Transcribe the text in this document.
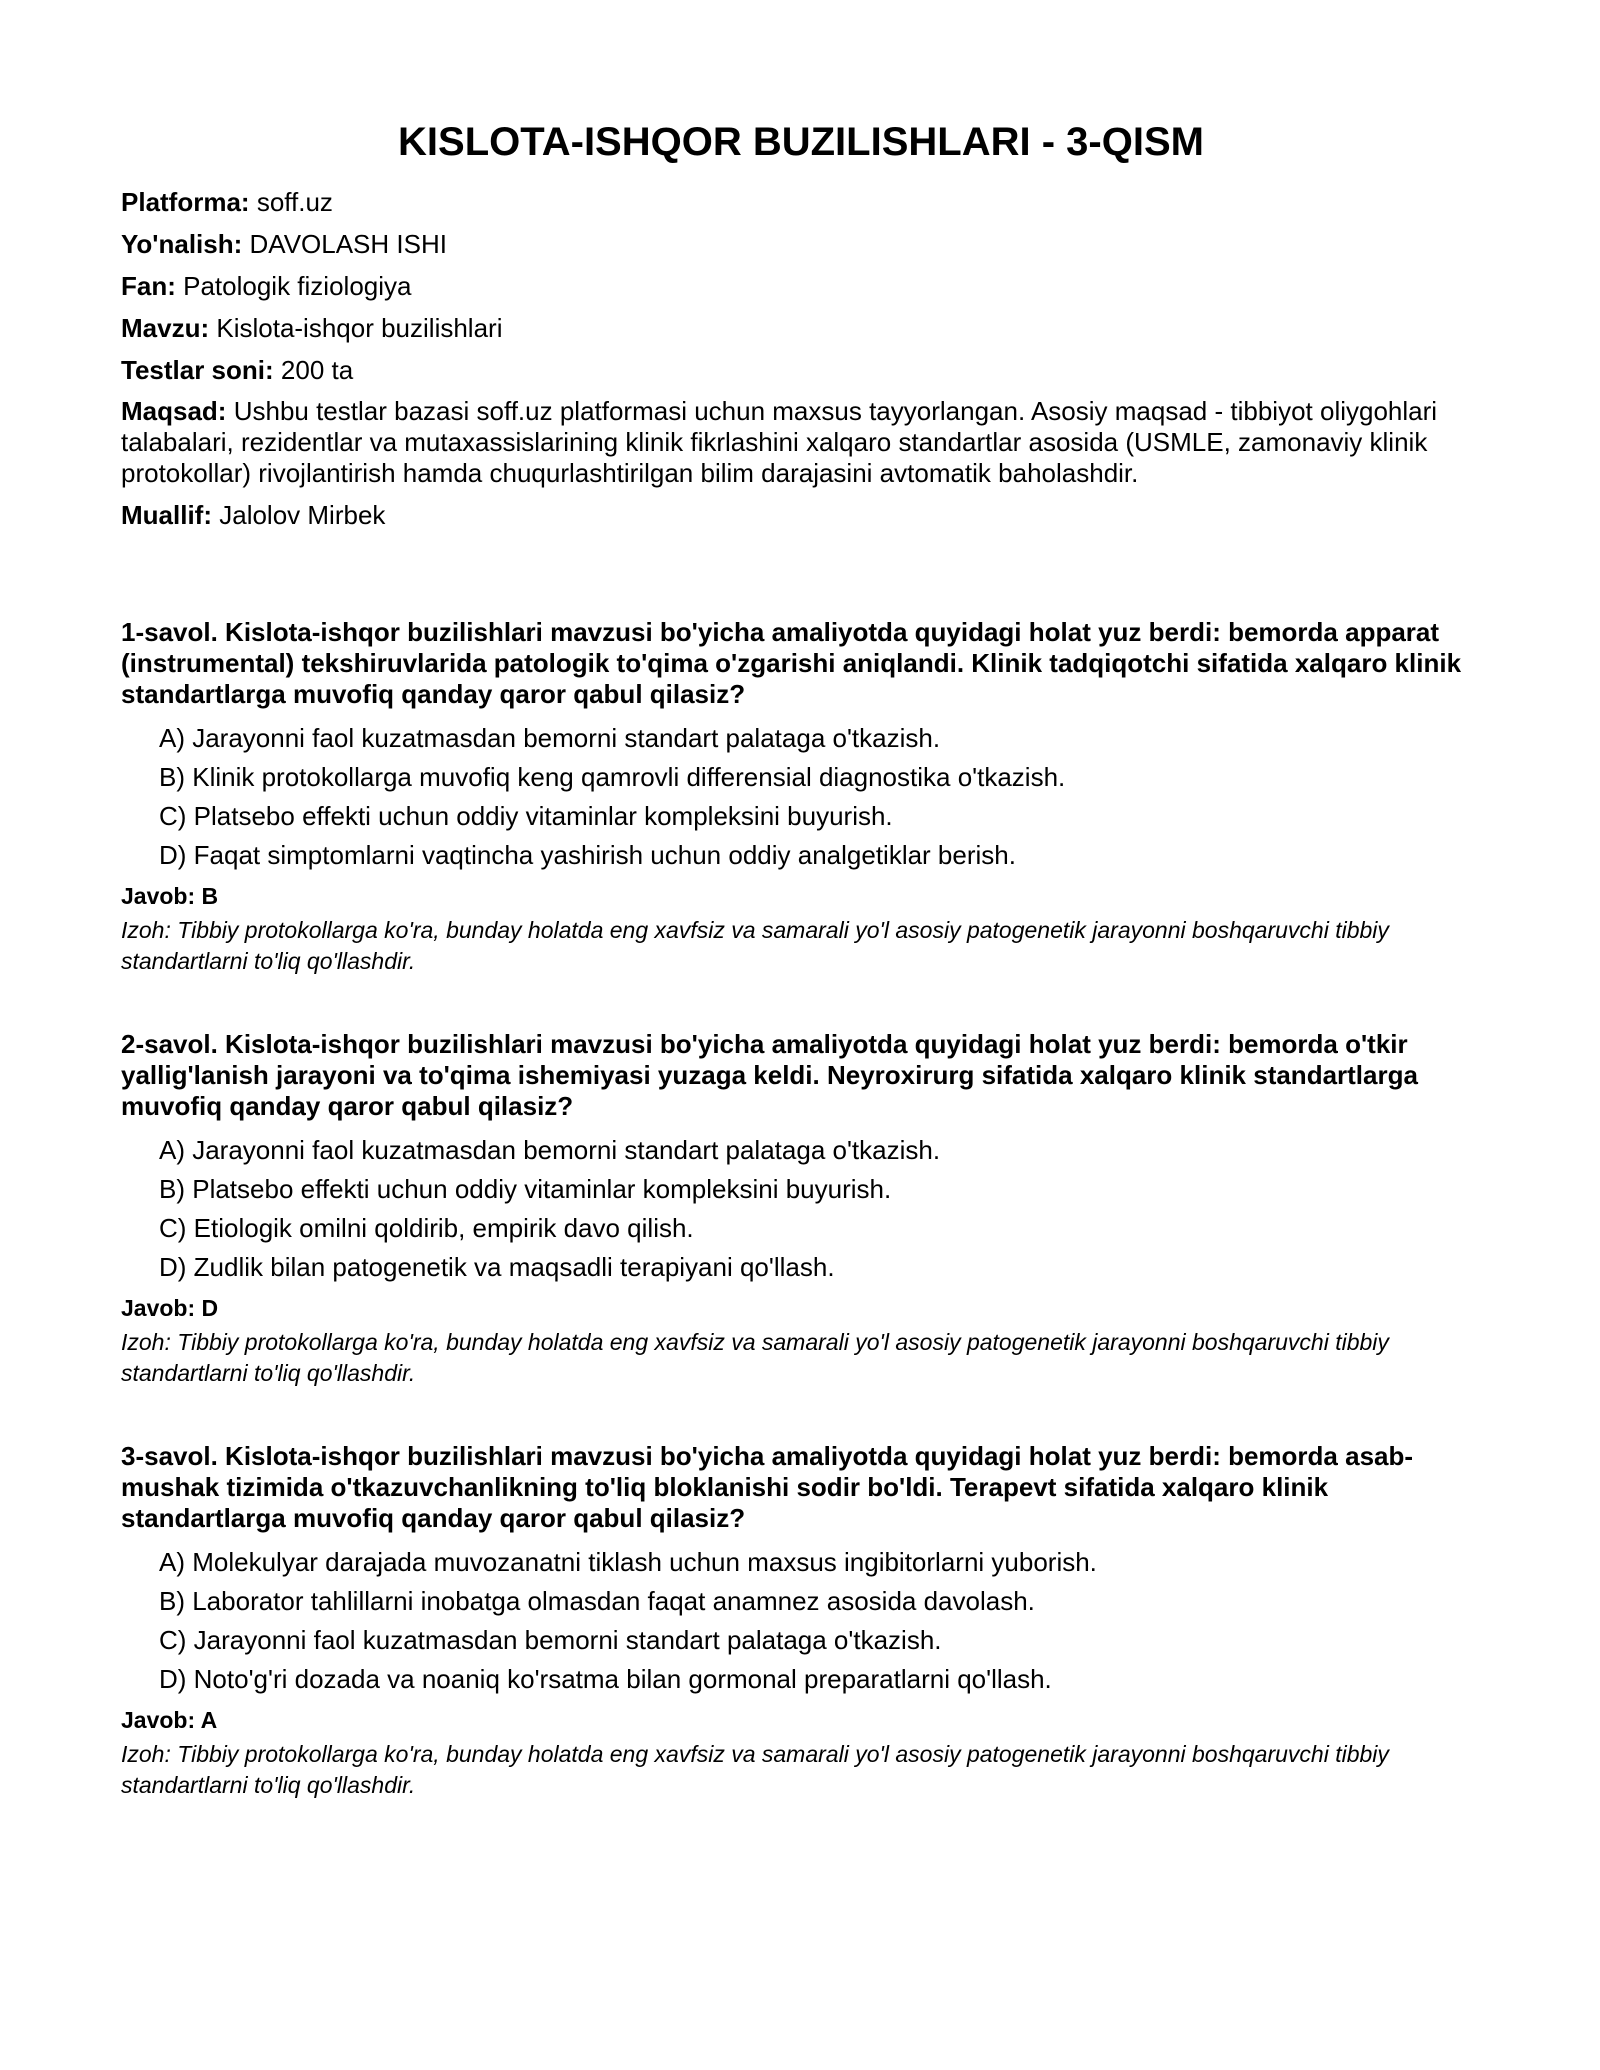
KISLOTA-ISHQOR BUZILISHLARI - 3-QISM

Platforma: soff.uz

Yo'nalish: DAVOLASH ISHI

Fan: Patologik fiziologiya

Mavzu: Kislota-ishqor buzilishlari

Testlar soni: 200 ta

Maqsad: Ushbu testlar bazasi soff.uz platformasi uchun maxsus tayyorlangan. Asosiy maqsad - tibbiyot oliygohlari talabalari, rezidentlar va mutaxassislarining klinik fikrlashini xalqaro standartlar asosida (USMLE, zamonaviy klinik protokollar) rivojlantirish hamda chuqurlashtirilgan bilim darajasini avtomatik baholashdir.

Muallif: Jalolov Mirbek

1-savol. Kislota-ishqor buzilishlari mavzusi bo'yicha amaliyotda quyidagi holat yuz berdi: bemorda apparat (instrumental) tekshiruvlarida patologik to'qima o'zgarishi aniqlandi. Klinik tadqiqotchi sifatida xalqaro klinik standartlarga muvofiq qanday qaror qabul qilasiz?

A) Jarayonni faol kuzatmasdan bemorni standart palataga o'tkazish.
B) Klinik protokollarga muvofiq keng qamrovli differensial diagnostika o'tkazish.
C) Platsebo effekti uchun oddiy vitaminlar kompleksini buyurish.
D) Faqat simptomlarni vaqtincha yashirish uchun oddiy analgetiklar berish.

Javob: B

Izoh: Tibbiy protokollarga ko'ra, bunday holatda eng xavfsiz va samarali yo'l asosiy patogenetik jarayonni boshqaruvchi tibbiy standartlarni to'liq qo'llashdir.

2-savol. Kislota-ishqor buzilishlari mavzusi bo'yicha amaliyotda quyidagi holat yuz berdi: bemorda o'tkir yallig'lanish jarayoni va to'qima ishemiyasi yuzaga keldi. Neyroxirurg sifatida xalqaro klinik standartlarga muvofiq qanday qaror qabul qilasiz?

A) Jarayonni faol kuzatmasdan bemorni standart palataga o'tkazish.
B) Platsebo effekti uchun oddiy vitaminlar kompleksini buyurish.
C) Etiologik omilni qoldirib, empirik davo qilish.
D) Zudlik bilan patogenetik va maqsadli terapiyani qo'llash.

Javob: D

Izoh: Tibbiy protokollarga ko'ra, bunday holatda eng xavfsiz va samarali yo'l asosiy patogenetik jarayonni boshqaruvchi tibbiy standartlarni to'liq qo'llashdir.

3-savol. Kislota-ishqor buzilishlari mavzusi bo'yicha amaliyotda quyidagi holat yuz berdi: bemorda asab-mushak tizimida o'tkazuvchanlikning to'liq bloklanishi sodir bo'ldi. Terapevt sifatida xalqaro klinik standartlarga muvofiq qanday qaror qabul qilasiz?

A) Molekulyar darajada muvozanatni tiklash uchun maxsus ingibitorlarni yuborish.
B) Laborator tahlillarni inobatga olmasdan faqat anamnez asosida davolash.
C) Jarayonni faol kuzatmasdan bemorni standart palataga o'tkazish.
D) Noto'g'ri dozada va noaniq ko'rsatma bilan gormonal preparatlarni qo'llash.

Javob: A

Izoh: Tibbiy protokollarga ko'ra, bunday holatda eng xavfsiz va samarali yo'l asosiy patogenetik jarayonni boshqaruvchi tibbiy standartlarni to'liq qo'llashdir.
